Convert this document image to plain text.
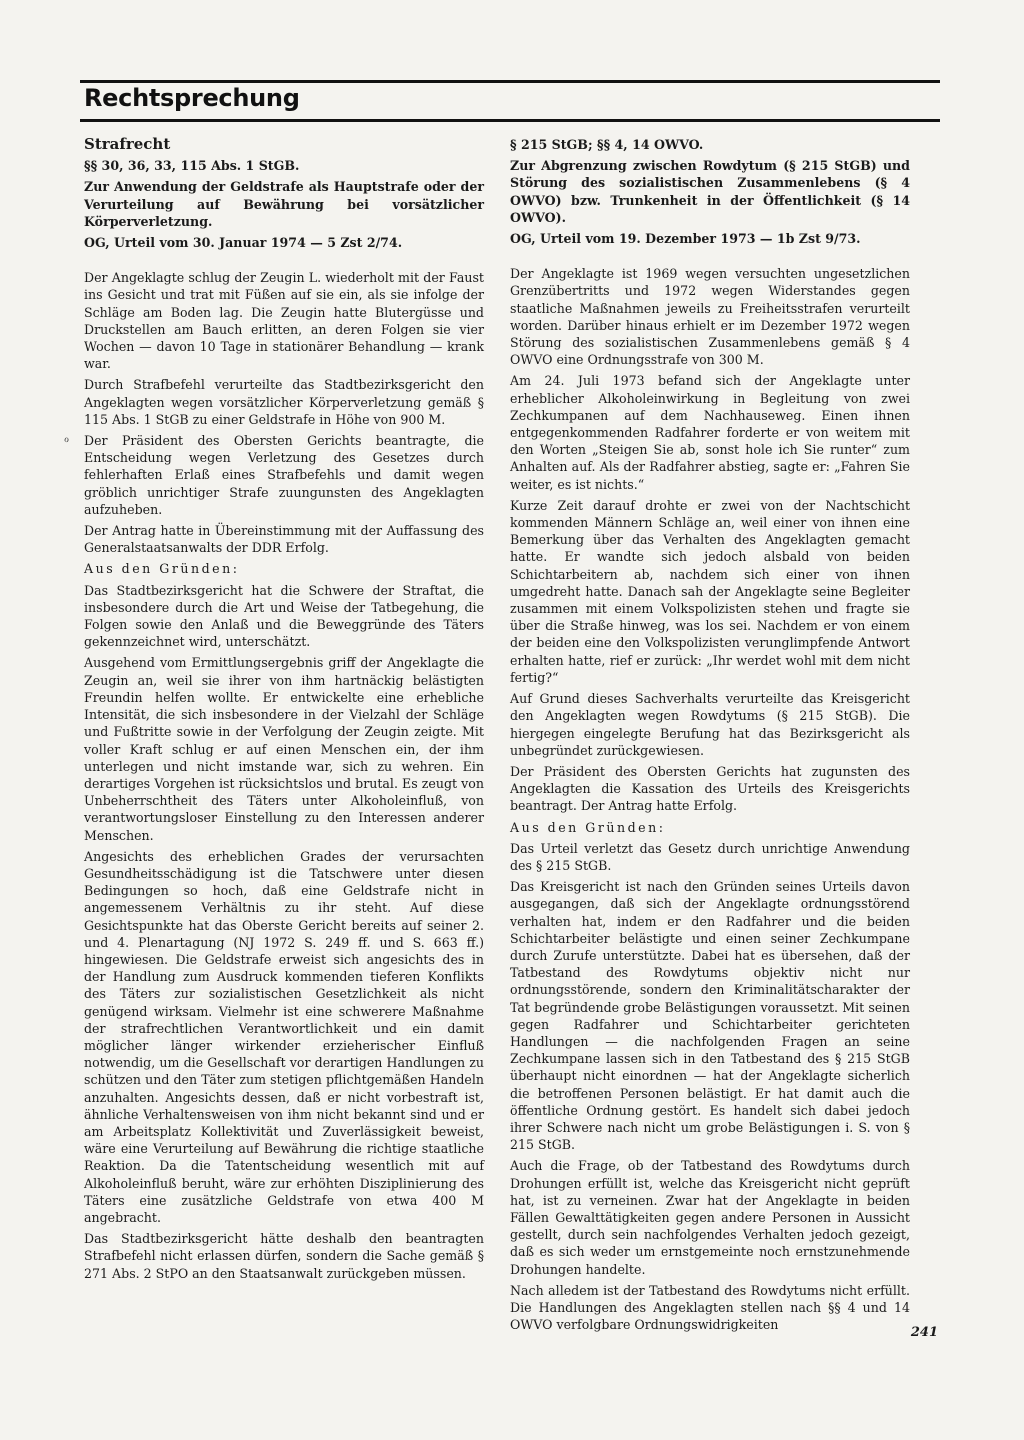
Rechtsprechung
ℴ

Strafrecht

§§ 30, 36, 33, 115 Abs. 1 StGB.

Zur Anwendung der Geldstrafe als Hauptstrafe oder der Verurteilung auf Bewährung bei vorsätzlicher Körperverletzung.

OG, Urteil vom 30. Januar 1974 — 5 Zst 2/74.

Der Angeklagte schlug der Zeugin L. wiederholt mit der Faust ins Gesicht und trat mit Füßen auf sie ein, als sie infolge der Schläge am Boden lag. Die Zeugin hatte Blutergüsse und Druckstellen am Bauch erlitten, an deren Folgen sie vier Wochen — davon 10 Tage in stationärer Behandlung — krank war.

Durch Strafbefehl verurteilte das Stadtbezirksgericht den Angeklagten wegen vorsätzlicher Körperverletzung gemäß § 115 Abs. 1 StGB zu einer Geldstrafe in Höhe von 900 M.

Der Präsident des Obersten Gerichts beantragte, die Entscheidung wegen Verletzung des Gesetzes durch fehlerhaften Erlaß eines Strafbefehls und damit wegen gröblich unrichtiger Strafe zuungunsten des Angeklagten aufzuheben.

Der Antrag hatte in Übereinstimmung mit der Auffassung des Generalstaatsanwalts der DDR Erfolg.

Aus den Gründen:

Das Stadtbezirksgericht hat die Schwere der Straftat, die insbesondere durch die Art und Weise der Tatbegehung, die Folgen sowie den Anlaß und die Beweggründe des Täters gekennzeichnet wird, unterschätzt.

Ausgehend vom Ermittlungsergebnis griff der Angeklagte die Zeugin an, weil sie ihrer von ihm hartnäckig belästigten Freundin helfen wollte. Er entwickelte eine erhebliche Intensität, die sich insbesondere in der Vielzahl der Schläge und Fußtritte sowie in der Verfolgung der Zeugin zeigte. Mit voller Kraft schlug er auf einen Menschen ein, der ihm unterlegen und nicht imstande war, sich zu wehren. Ein derartiges Vorgehen ist rücksichtslos und brutal. Es zeugt von Unbeherrschtheit des Täters unter Alkoholeinfluß, von verantwortungsloser Einstellung zu den Interessen anderer Menschen.

Angesichts des erheblichen Grades der verursachten Gesundheitsschädigung ist die Tatschwere unter diesen Bedingungen so hoch, daß eine Geldstrafe nicht in angemessenem Verhältnis zu ihr steht. Auf diese Gesichtspunkte hat das Oberste Gericht bereits auf seiner 2. und 4. Plenartagung (NJ 1972 S. 249 ff. und S. 663 ff.) hingewiesen. Die Geldstrafe erweist sich angesichts des in der Handlung zum Ausdruck kommenden tieferen Konflikts des Täters zur sozialistischen Gesetzlichkeit als nicht genügend wirksam. Vielmehr ist eine schwerere Maßnahme der strafrechtlichen Verantwortlichkeit und ein damit möglicher länger wirkender erzieherischer Einfluß notwendig, um die Gesellschaft vor derartigen Handlungen zu schützen und den Täter zum stetigen pflichtgemäßen Handeln anzuhalten. Angesichts dessen, daß er nicht vorbestraft ist, ähnliche Verhaltensweisen von ihm nicht bekannt sind und er am Arbeitsplatz Kollektivität und Zuverlässigkeit beweist, wäre eine Verurteilung auf Bewährung die richtige staatliche Reaktion. Da die Tatentscheidung wesentlich mit auf Alkoholeinfluß beruht, wäre zur erhöhten Disziplinierung des Täters eine zusätzliche Geldstrafe von etwa 400 M angebracht.

Das Stadtbezirksgericht hätte deshalb den beantragten Strafbefehl nicht erlassen dürfen, sondern die Sache gemäß § 271 Abs. 2 StPO an den Staatsanwalt zurückgeben müssen.

§ 215 StGB; §§ 4, 14 OWVO.

Zur Abgrenzung zwischen Rowdytum (§ 215 StGB) und Störung des sozialistischen Zusammenlebens (§ 4 OWVO) bzw. Trunkenheit in der Öffentlichkeit (§ 14 OWVO).

OG, Urteil vom 19. Dezember 1973 — 1b Zst 9/73.

Der Angeklagte ist 1969 wegen versuchten ungesetzlichen Grenzübertritts und 1972 wegen Widerstandes gegen staatliche Maßnahmen jeweils zu Freiheitsstrafen verurteilt worden. Darüber hinaus erhielt er im Dezember 1972 wegen Störung des sozialistischen Zusammenlebens gemäß § 4 OWVO eine Ordnungsstrafe von 300 M.

Am 24. Juli 1973 befand sich der Angeklagte unter erheblicher Alkoholeinwirkung in Begleitung von zwei Zechkumpanen auf dem Nachhauseweg. Einen ihnen entgegenkommenden Radfahrer forderte er von weitem mit den Worten „Steigen Sie ab, sonst hole ich Sie runter“ zum Anhalten auf. Als der Radfahrer abstieg, sagte er: „Fahren Sie weiter, es ist nichts.“

Kurze Zeit darauf drohte er zwei von der Nachtschicht kommenden Männern Schläge an, weil einer von ihnen eine Bemerkung über das Verhalten des Angeklagten gemacht hatte. Er wandte sich jedoch alsbald von beiden Schichtarbeitern ab, nachdem sich einer von ihnen umgedreht hatte. Danach sah der Angeklagte seine Begleiter zusammen mit einem Volkspolizisten stehen und fragte sie über die Straße hinweg, was los sei. Nachdem er von einem der beiden eine den Volkspolizisten verunglimpfende Antwort erhalten hatte, rief er zurück: „Ihr werdet wohl mit dem nicht fertig?“

Auf Grund dieses Sachverhalts verurteilte das Kreisgericht den Angeklagten wegen Rowdytums (§ 215 StGB). Die hiergegen eingelegte Berufung hat das Bezirksgericht als unbegründet zurückgewiesen.

Der Präsident des Obersten Gerichts hat zugunsten des Angeklagten die Kassation des Urteils des Kreisgerichts beantragt. Der Antrag hatte Erfolg.

Aus den Gründen:

Das Urteil verletzt das Gesetz durch unrichtige Anwendung des § 215 StGB.

Das Kreisgericht ist nach den Gründen seines Urteils davon ausgegangen, daß sich der Angeklagte ordnungsstörend verhalten hat, indem er den Radfahrer und die beiden Schichtarbeiter belästigte und einen seiner Zechkumpane durch Zurufe unterstützte. Dabei hat es übersehen, daß der Tatbestand des Rowdytums objektiv nicht nur ordnungsstörende, sondern den Kriminalitätscharakter der Tat begründende grobe Belästigungen voraussetzt. Mit seinen gegen Radfahrer und Schichtarbeiter gerichteten Handlungen — die nachfolgenden Fragen an seine Zechkumpane lassen sich in den Tatbestand des § 215 StGB überhaupt nicht einordnen — hat der Angeklagte sicherlich die betroffenen Personen belästigt. Er hat damit auch die öffentliche Ordnung gestört. Es handelt sich dabei jedoch ihrer Schwere nach nicht um grobe Belästigungen i. S. von § 215 StGB.

Auch die Frage, ob der Tatbestand des Rowdytums durch Drohungen erfüllt ist, welche das Kreisgericht nicht geprüft hat, ist zu verneinen. Zwar hat der Angeklagte in beiden Fällen Gewalttätigkeiten gegen andere Personen in Aussicht gestellt, durch sein nachfolgendes Verhalten jedoch gezeigt, daß es sich weder um ernstgemeinte noch ernstzunehmende Drohungen handelte.

Nach alledem ist der Tatbestand des Rowdytums nicht erfüllt. Die Handlungen des Angeklagten stellen nach §§ 4 und 14 OWVO verfolgbare Ordnungswidrigkeiten

241
